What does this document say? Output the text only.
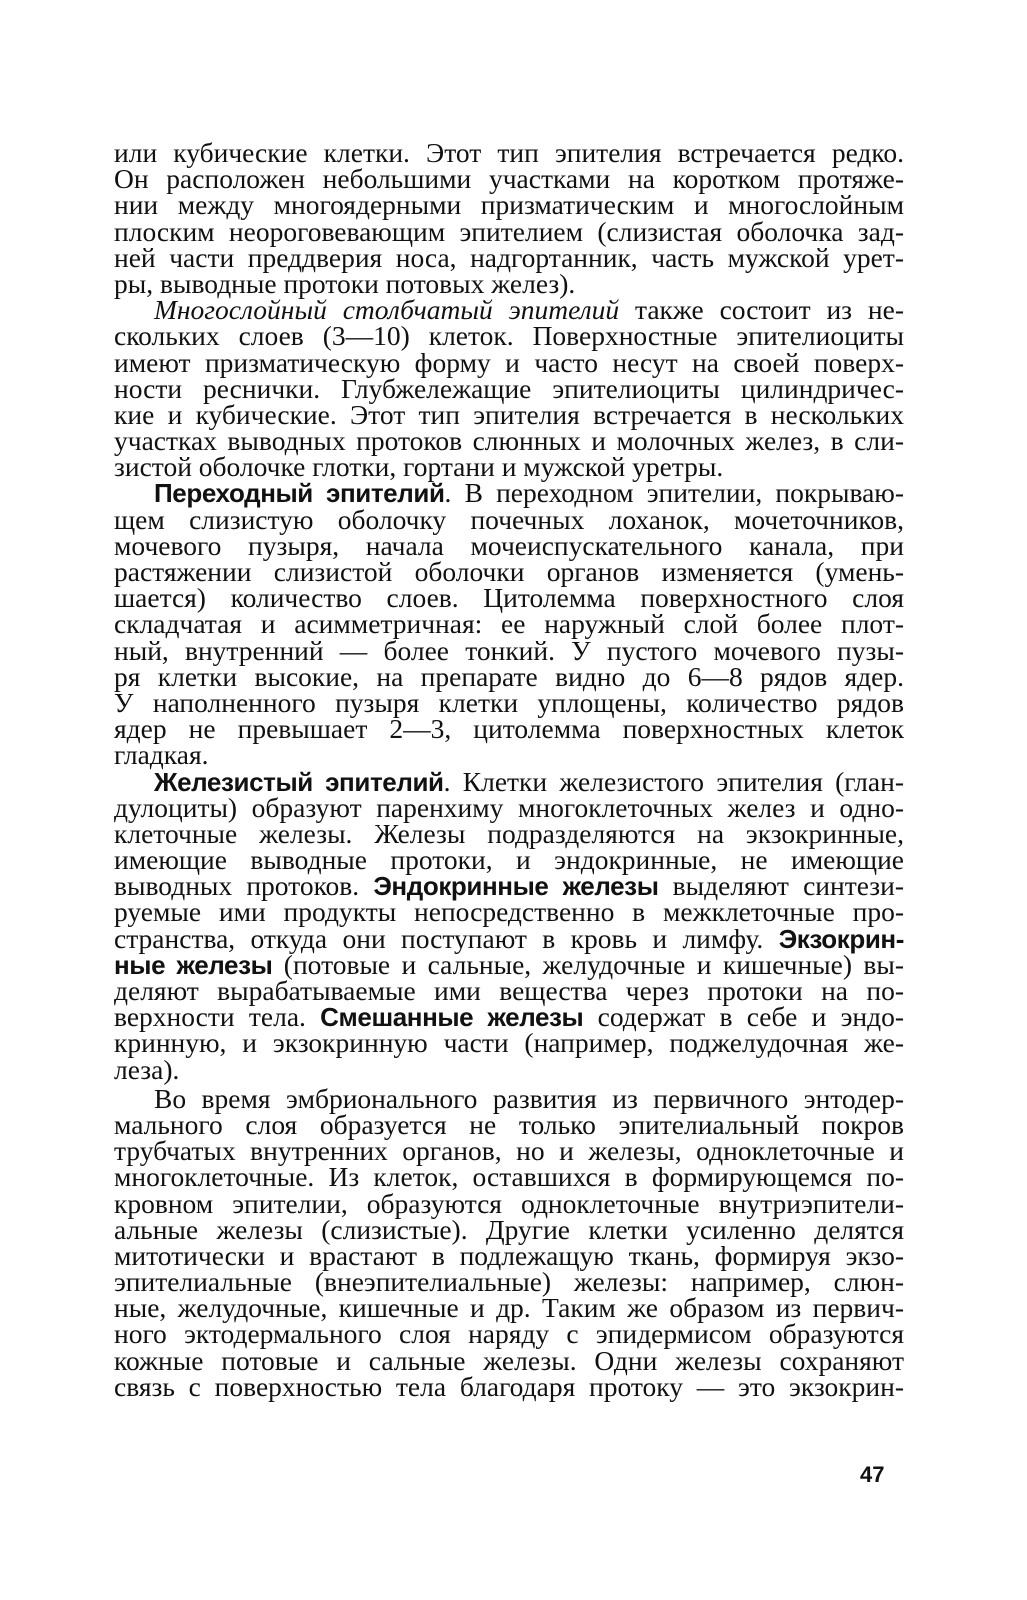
или кубические клетки. Этот тип эпителия встречается редко.
Он расположен небольшими участками на коротком протяже-
нии между многоядерными призматическим и многослойным
плоским неороговевающим эпителием (слизистая оболочка зад-
ней части преддверия носа, надгортанник, часть мужской урет-
ры, выводные протоки потовых желез).
Многослойный столбчатый эпителий также состоит из не-
скольких слоев (3—10) клеток. Поверхностные эпителиоциты
имеют призматическую форму и часто несут на своей поверх-
ности реснички. Глубжележащие эпителиоциты цилиндричес-
кие и кубические. Этот тип эпителия встречается в нескольких
участках выводных протоков слюнных и молочных желез, в сли-
зистой оболочке глотки, гортани и мужской уретры.
Переходный эпителий. В переходном эпителии, покрываю-
щем слизистую оболочку почечных лоханок, мочеточников,
мочевого пузыря, начала мочеиспускательного канала, при
растяжении слизистой оболочки органов изменяется (умень-
шается) количество слоев. Цитолемма поверхностного слоя
складчатая и асимметричная: ее наружный слой более плот-
ный, внутренний — более тонкий. У пустого мочевого пузы-
ря клетки высокие, на препарате видно до 6—8 рядов ядер.
У наполненного пузыря клетки уплощены, количество рядов
ядер не превышает 2—3, цитолемма поверхностных клеток
гладкая.
Железистый эпителий. Клетки железистого эпителия (глан-
дулоциты) образуют паренхиму многоклеточных желез и одно-
клеточные железы. Железы подразделяются на экзокринные,
имеющие выводные протоки, и эндокринные, не имеющие
выводных протоков. Эндокринные железы выделяют синтези-
руемые ими продукты непосредственно в межклеточные про-
странства, откуда они поступают в кровь и лимфу. Экзокрин-
ные железы (потовые и сальные, желудочные и кишечные) вы-
деляют вырабатываемые ими вещества через протоки на по-
верхности тела. Смешанные железы содержат в себе и эндо-
кринную, и экзокринную части (например, поджелудочная же-
леза).
Во время эмбрионального развития из первичного энтодер-
мального слоя образуется не только эпителиальный покров
трубчатых внутренних органов, но и железы, одноклеточные и
многоклеточные. Из клеток, оставшихся в формирующемся по-
кровном эпителии, образуются одноклеточные внутриэпители-
альные железы (слизистые). Другие клетки усиленно делятся
митотически и врастают в подлежащую ткань, формируя экзо-
эпителиальные (внеэпителиальные) железы: например, слюн-
ные, желудочные, кишечные и др. Таким же образом из первич-
ного эктодермального слоя наряду с эпидермисом образуются
кожные потовые и сальные железы. Одни железы сохраняют
связь с поверхностью тела благодаря протоку — это экзокрин-
47
